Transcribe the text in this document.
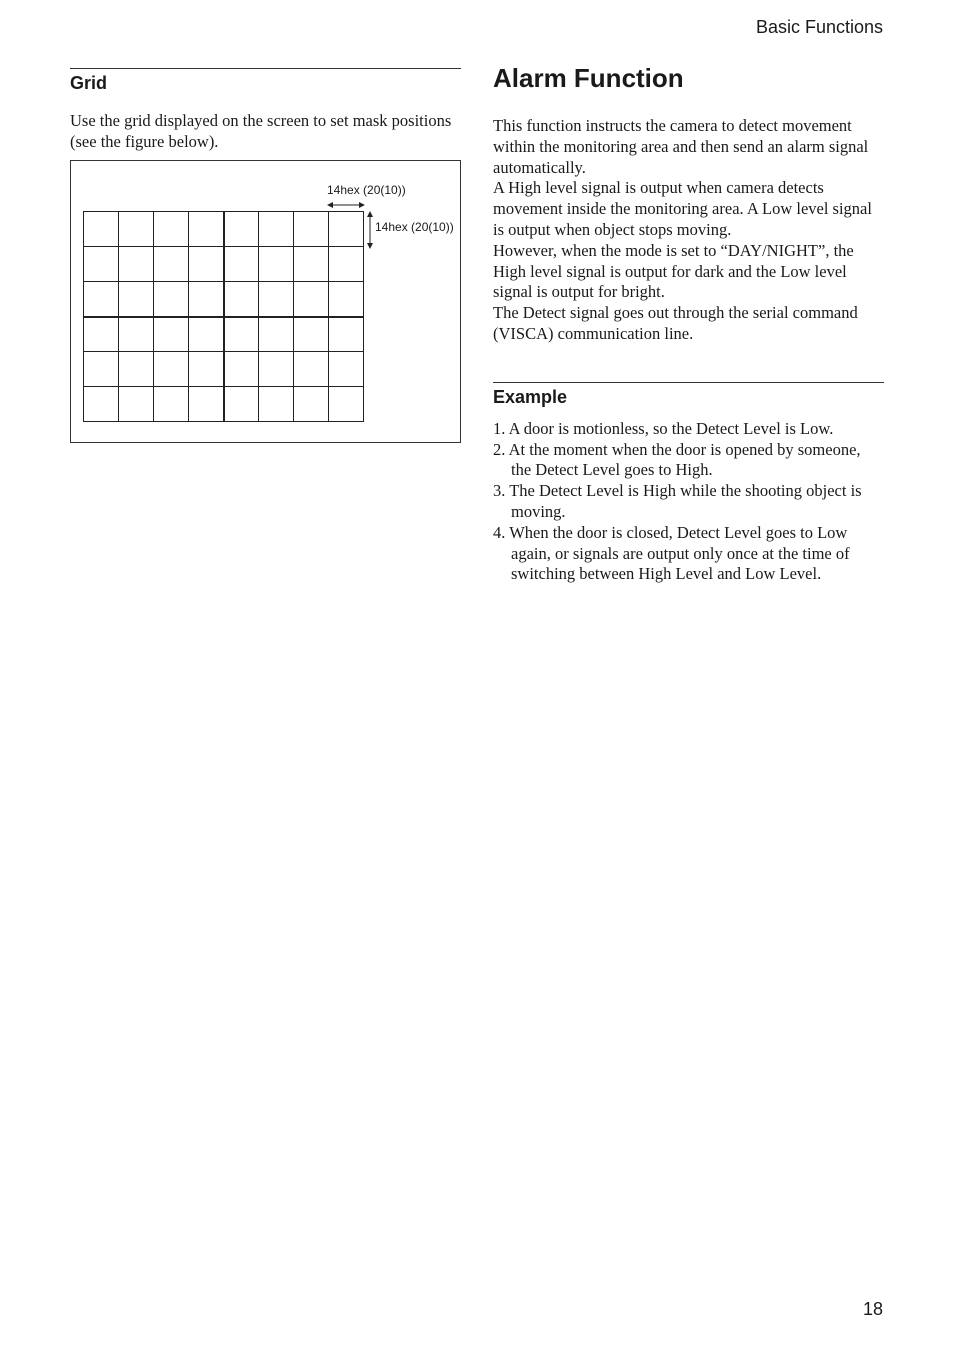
Basic Functions
Grid

Use the grid displayed on the screen to set mask positions (see the figure below).

14hex (20(10))
14hex (20(10))
Alarm Function

This function instructs the camera to detect movement within the monitoring area and then send an alarm signal automatically.

A High level signal is output when camera detects movement inside the monitoring area. A Low level signal is output when object stops moving.

However, when the mode is set to “DAY/NIGHT”, the High level signal is output for dark and the Low level signal is output for bright.

The Detect signal goes out through the serial command (VISCA) communication line.

Example
1. A door is motionless, so the Detect Level is Low.
2. At the moment when the door is opened by someone, the Detect Level goes to High.
3. The Detect Level is High while the shooting object is moving.
4. When the door is closed, Detect Level goes to Low again, or signals are output only once at the time of switching between High Level and Low Level.
18
